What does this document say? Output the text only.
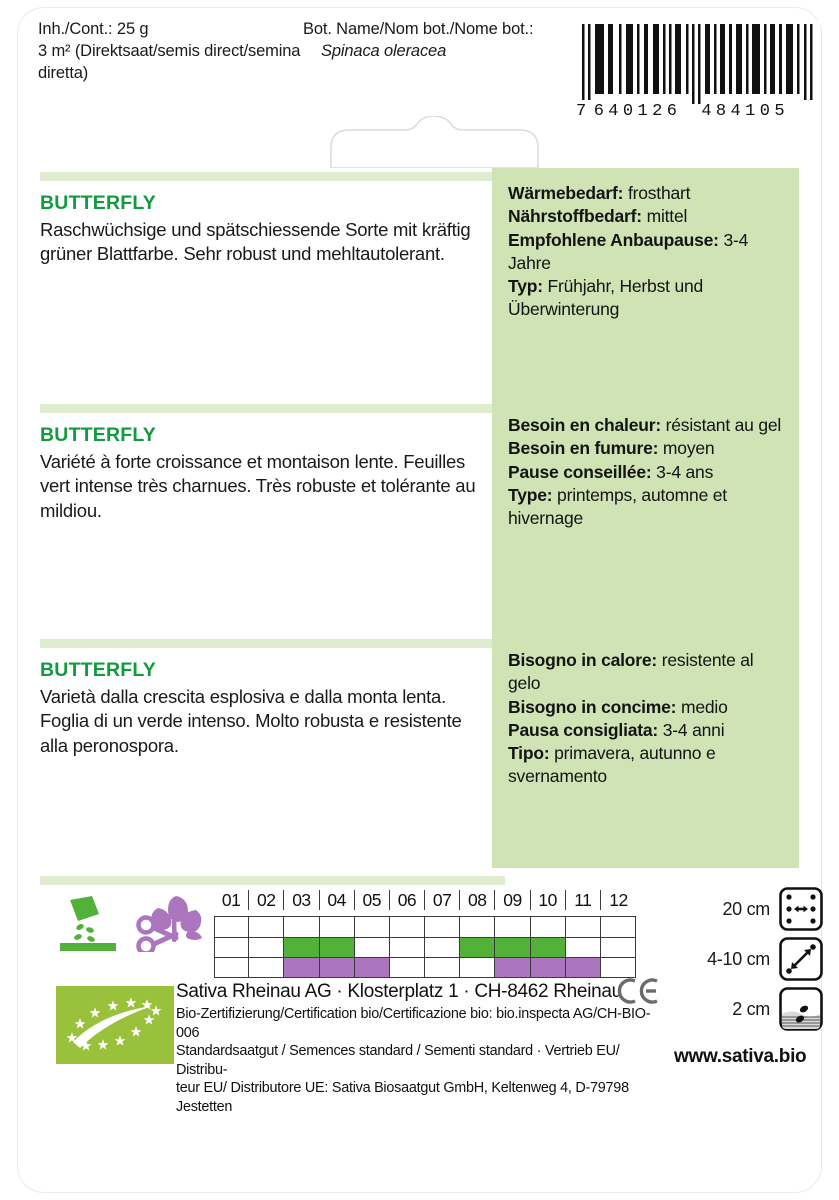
Inh./Cont.: 25 g
3 m² (Direktsaat/semis direct/semina diretta)
Bot. Name/Nom bot./Nome bot.:
Spinaca oleracea
7 640126 484105
Wärmebedarf: frosthart
Nährstoffbedarf: mittel
Empfohlene Anbaupause: 3-4 Jahre
Typ: Frühjahr, Herbst und Überwinterung
BUTTERFLY
Raschwüchsige und spätschiessende Sorte mit kräftig grüner Blattfarbe. Sehr robust und mehltautolerant.
Besoin en chaleur: résistant au gel
Besoin en fumure: moyen
Pause conseillée: 3-4 ans
Type: printemps, automne et hivernage
BUTTERFLY
Variété à forte croissance et montaison lente. Feuilles vert intense très charnues. Très robuste et tolérante au mildiou.
Bisogno in calore: resistente al gelo
Bisogno in concime: medio
Pausa consigliata: 3-4 anni
Tipo: primavera, autunno e svernamento
BUTTERFLY
Varietà dalla crescita esplosiva e dalla monta lenta. Foglia di un verde intenso. Molto robusta e resistente alla peronospora.
01 02 03 04 05 06 07 08 09 10 11	12	20 cm
4-10 cm
2 cm
Sativa Rheinau AG · Klosterplatz 1 · CH-8462 Rheinau
Bio-Zertifizierung/Certification bio/Certificazione bio: bio.inspecta AG/CH-BIO-006
Standardsaatgut / Semences standard / Sementi standard · Vertrieb EU/ Distribu-
teur EU/ Distributore UE: Sativa Biosaatgut GmbH, Keltenweg 4, D-79798 Jestetten
www.sativa.bio
